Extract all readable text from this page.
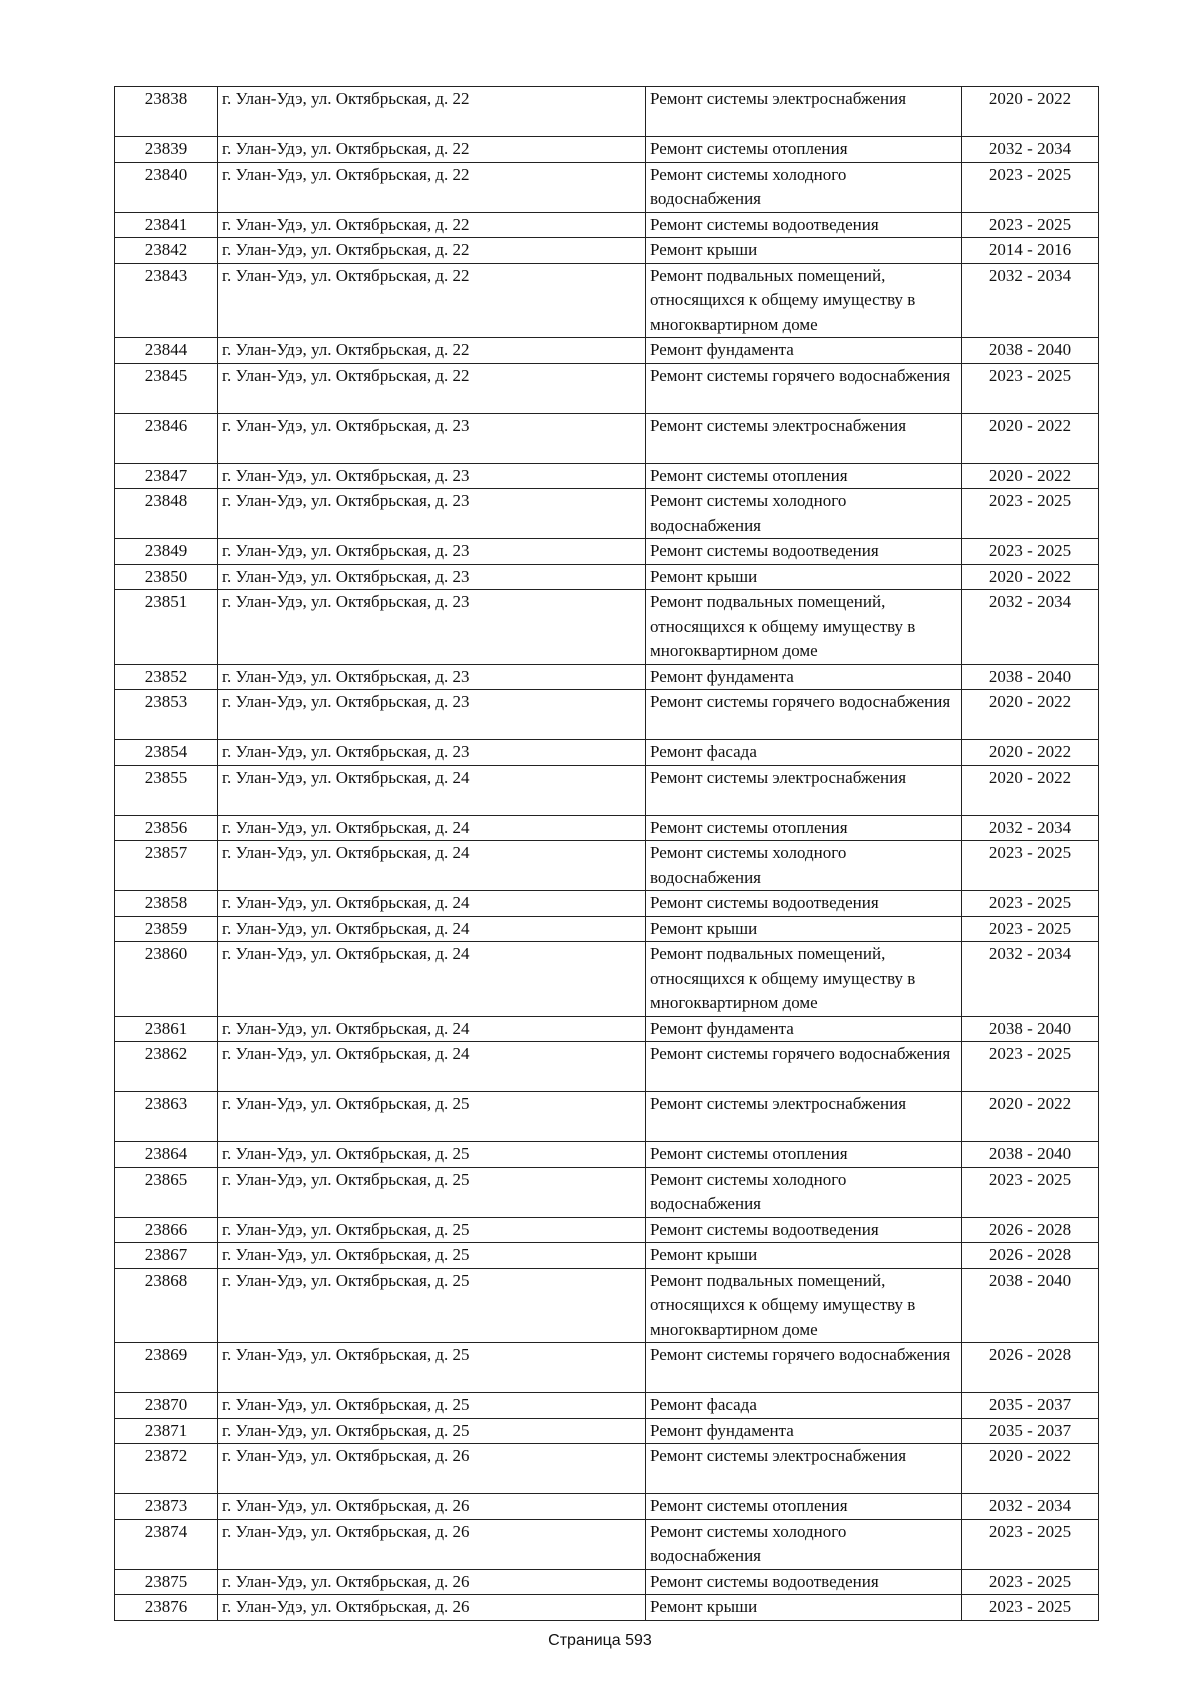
23838	г. Улан-Удэ, ул. Октябрьская, д. 22	Ремонт системы электроснабжения	2020 - 2022
23839	г. Улан-Удэ, ул. Октябрьская, д. 22	Ремонт системы отопления	2032 - 2034
23840	г. Улан-Удэ, ул. Октябрьская, д. 22	Ремонт системы холодного водоснабжения	2023 - 2025
23841	г. Улан-Удэ, ул. Октябрьская, д. 22	Ремонт системы водоотведения	2023 - 2025
23842	г. Улан-Удэ, ул. Октябрьская, д. 22	Ремонт крыши	2014 - 2016
23843	г. Улан-Удэ, ул. Октябрьская, д. 22	Ремонт подвальных помещений, относящихся к общему имуществу в многоквартирном доме	2032 - 2034
23844	г. Улан-Удэ, ул. Октябрьская, д. 22	Ремонт фундамента	2038 - 2040
23845	г. Улан-Удэ, ул. Октябрьская, д. 22	Ремонт системы горячего водоснабжения	2023 - 2025
23846	г. Улан-Удэ, ул. Октябрьская, д. 23	Ремонт системы электроснабжения	2020 - 2022
23847	г. Улан-Удэ, ул. Октябрьская, д. 23	Ремонт системы отопления	2020 - 2022
23848	г. Улан-Удэ, ул. Октябрьская, д. 23	Ремонт системы холодного водоснабжения	2023 - 2025
23849	г. Улан-Удэ, ул. Октябрьская, д. 23	Ремонт системы водоотведения	2023 - 2025
23850	г. Улан-Удэ, ул. Октябрьская, д. 23	Ремонт крыши	2020 - 2022
23851	г. Улан-Удэ, ул. Октябрьская, д. 23	Ремонт подвальных помещений, относящихся к общему имуществу в многоквартирном доме	2032 - 2034
23852	г. Улан-Удэ, ул. Октябрьская, д. 23	Ремонт фундамента	2038 - 2040
23853	г. Улан-Удэ, ул. Октябрьская, д. 23	Ремонт системы горячего водоснабжения	2020 - 2022
23854	г. Улан-Удэ, ул. Октябрьская, д. 23	Ремонт фасада	2020 - 2022
23855	г. Улан-Удэ, ул. Октябрьская, д. 24	Ремонт системы электроснабжения	2020 - 2022
23856	г. Улан-Удэ, ул. Октябрьская, д. 24	Ремонт системы отопления	2032 - 2034
23857	г. Улан-Удэ, ул. Октябрьская, д. 24	Ремонт системы холодного водоснабжения	2023 - 2025
23858	г. Улан-Удэ, ул. Октябрьская, д. 24	Ремонт системы водоотведения	2023 - 2025
23859	г. Улан-Удэ, ул. Октябрьская, д. 24	Ремонт крыши	2023 - 2025
23860	г. Улан-Удэ, ул. Октябрьская, д. 24	Ремонт подвальных помещений, относящихся к общему имуществу в многоквартирном доме	2032 - 2034
23861	г. Улан-Удэ, ул. Октябрьская, д. 24	Ремонт фундамента	2038 - 2040
23862	г. Улан-Удэ, ул. Октябрьская, д. 24	Ремонт системы горячего водоснабжения	2023 - 2025
23863	г. Улан-Удэ, ул. Октябрьская, д. 25	Ремонт системы электроснабжения	2020 - 2022
23864	г. Улан-Удэ, ул. Октябрьская, д. 25	Ремонт системы отопления	2038 - 2040
23865	г. Улан-Удэ, ул. Октябрьская, д. 25	Ремонт системы холодного водоснабжения	2023 - 2025
23866	г. Улан-Удэ, ул. Октябрьская, д. 25	Ремонт системы водоотведения	2026 - 2028
23867	г. Улан-Удэ, ул. Октябрьская, д. 25	Ремонт крыши	2026 - 2028
23868	г. Улан-Удэ, ул. Октябрьская, д. 25	Ремонт подвальных помещений, относящихся к общему имуществу в многоквартирном доме	2038 - 2040
23869	г. Улан-Удэ, ул. Октябрьская, д. 25	Ремонт системы горячего водоснабжения	2026 - 2028
23870	г. Улан-Удэ, ул. Октябрьская, д. 25	Ремонт фасада	2035 - 2037
23871	г. Улан-Удэ, ул. Октябрьская, д. 25	Ремонт фундамента	2035 - 2037
23872	г. Улан-Удэ, ул. Октябрьская, д. 26	Ремонт системы электроснабжения	2020 - 2022
23873	г. Улан-Удэ, ул. Октябрьская, д. 26	Ремонт системы отопления	2032 - 2034
23874	г. Улан-Удэ, ул. Октябрьская, д. 26	Ремонт системы холодного водоснабжения	2023 - 2025
23875	г. Улан-Удэ, ул. Октябрьская, д. 26	Ремонт системы водоотведения	2023 - 2025
23876	г. Улан-Удэ, ул. Октябрьская, д. 26	Ремонт крыши	2023 - 2025
Страница 593
